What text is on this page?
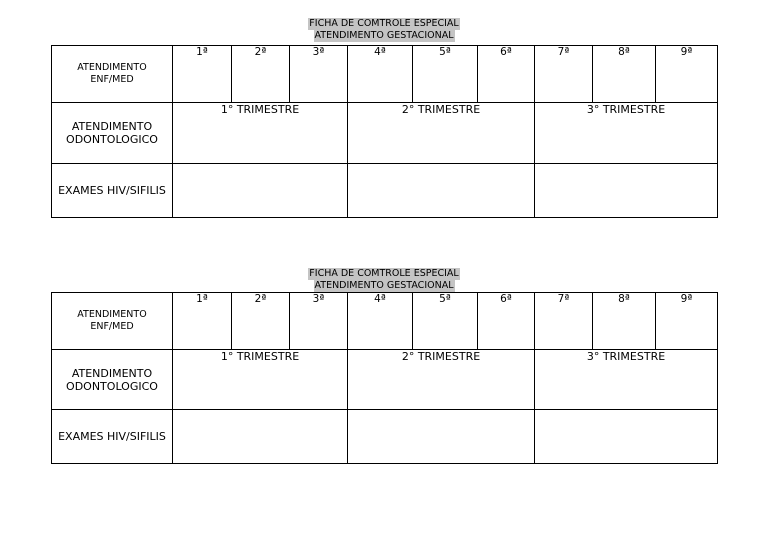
FICHA DE COMTROLE ESPECIAL
ATENDIMENTO GESTACIONAL
ATENDIMENTO
ENF/MED
1ª	2ª	3ª	4ª	5ª	6ª	7ª	8ª	9ª
ATENDIMENTO
ODONTOLOGICO
1° TRIMESTRE	2° TRIMESTRE	3° TRIMESTRE
EXAMES HIV/SIFILIS
FICHA DE COMTROLE ESPECIAL
ATENDIMENTO GESTACIONAL
ATENDIMENTO
ENF/MED
1ª	2ª	3ª	4ª	5ª	6ª	7ª	8ª	9ª
ATENDIMENTO
ODONTOLOGICO
1° TRIMESTRE	2° TRIMESTRE	3° TRIMESTRE
EXAMES HIV/SIFILIS
